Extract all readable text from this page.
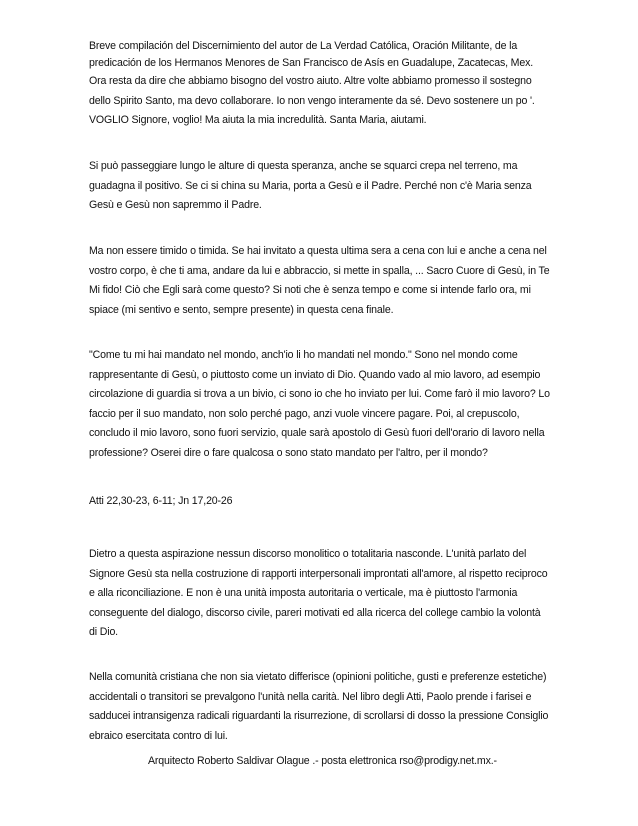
Breve compilación del Discernimiento del autor de La Verdad Católica, Oración Militante, de la predicación de los Hermanos Menores de San Francisco de Asís en Guadalupe, Zacatecas, Mex.

Ora resta da dire che abbiamo bisogno del vostro aiuto. Altre volte abbiamo promesso il sostegno dello Spirito Santo, ma devo collaborare. Io non vengo interamente da sé. Devo sostenere un po '. VOGLIO Signore, voglio! Ma aiuta la mia incredulità. Santa Maria, aiutami.

Si può passeggiare lungo le alture di questa speranza, anche se squarci crepa nel terreno, ma guadagna il positivo. Se ci si china su Maria, porta a Gesù e il Padre. Perché non c'è Maria senza Gesù e Gesù non sapremmo il Padre.

Ma non essere timido o timida. Se hai invitato a questa ultima sera a cena con lui e anche a cena nel vostro corpo, è che ti ama, andare da lui e abbraccio, si mette in spalla, ... Sacro Cuore di Gesù, in Te Mi fido! Ciò che Egli sarà come questo? Si noti che è senza tempo e come si intende farlo ora, mi spiace (mi sentivo e sento, sempre presente) in questa cena finale.

"Come tu mi hai mandato nel mondo, anch'io li ho mandati nel mondo." Sono nel mondo come rappresentante di Gesù, o piuttosto come un inviato di Dio. Quando vado al mio lavoro, ad esempio circolazione di guardia si trova a un bivio, ci sono io che ho inviato per lui. Come farò il mio lavoro? Lo faccio per il suo mandato, non solo perché pago, anzi vuole vincere pagare. Poi, al crepuscolo, concludo il mio lavoro, sono fuori servizio, quale sarà apostolo di Gesù fuori dell'orario di lavoro nella professione? Oserei dire o fare qualcosa o sono stato mandato per l'altro, per il mondo?

Atti 22,30-23, 6-11; Jn 17,20-26

Dietro a questa aspirazione nessun discorso monolitico o totalitaria nasconde. L'unità parlato del Signore Gesù sta nella costruzione di rapporti interpersonali improntati all'amore, al rispetto reciproco e alla riconciliazione. E non è una unità imposta autoritaria o verticale, ma è piuttosto l'armonia conseguente del dialogo, discorso civile, pareri motivati ed alla ricerca del college cambio la volontà di Dio.

Nella comunità cristiana che non sia vietato differisce (opinioni politiche, gusti e preferenze estetiche) accidentali o transitori se prevalgono l'unità nella carità. Nel libro degli Atti, Paolo prende i farisei e sadducei intransigenza radicali riguardanti la risurrezione, di scrollarsi di dosso la pressione Consiglio ebraico esercitata contro di lui.

Arquitecto Roberto Saldivar Olague .- posta elettronica rso@prodigy.net.mx.-
